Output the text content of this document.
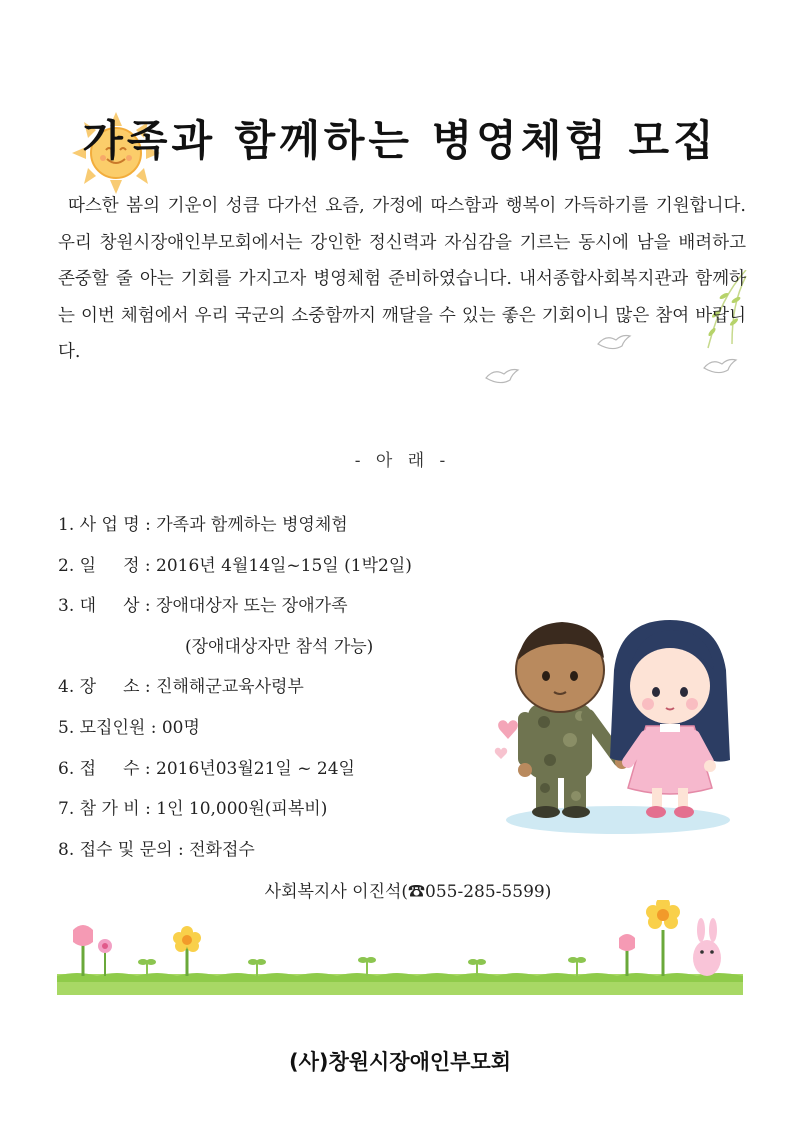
가족과 함께하는 병영체험 모집
따스한 봄의 기운이 성큼 다가선 요즘, 가정에 따스함과 행복이 가득하기를 기원합니다. 우리 창원시장애인부모회에서는 강인한 정신력과 자심감을 기르는 동시에 남을 배려하고 존중할 줄 아는 기회를 가지고자 병영체험 준비하였습니다. 내서종합사회복지관과 함께하는 이번 체험에서 우리 국군의 소중함까지 깨달을 수 있는 좋은 기회이니 많은 참여 바랍니다.
- 아 래 -
1. 사 업 명 : 가족과 함께하는 병영체험
2. 일     정 : 2016년 4월14일~15일 (1박2일)
3. 대     상 : 장애대상자 또는 장애가족
(장애대상자만 참석 가능)
4. 장     소 : 진해해군교육사령부
5. 모집인원 : 00명
6. 접     수 : 2016년03월21일 ~ 24일
7. 참 가 비 : 1인 10,000원(피복비)
8. 접수 및 문의 : 전화접수
사회복지사 이진석(☎055-285-5599)
(사)창원시장애인부모회
